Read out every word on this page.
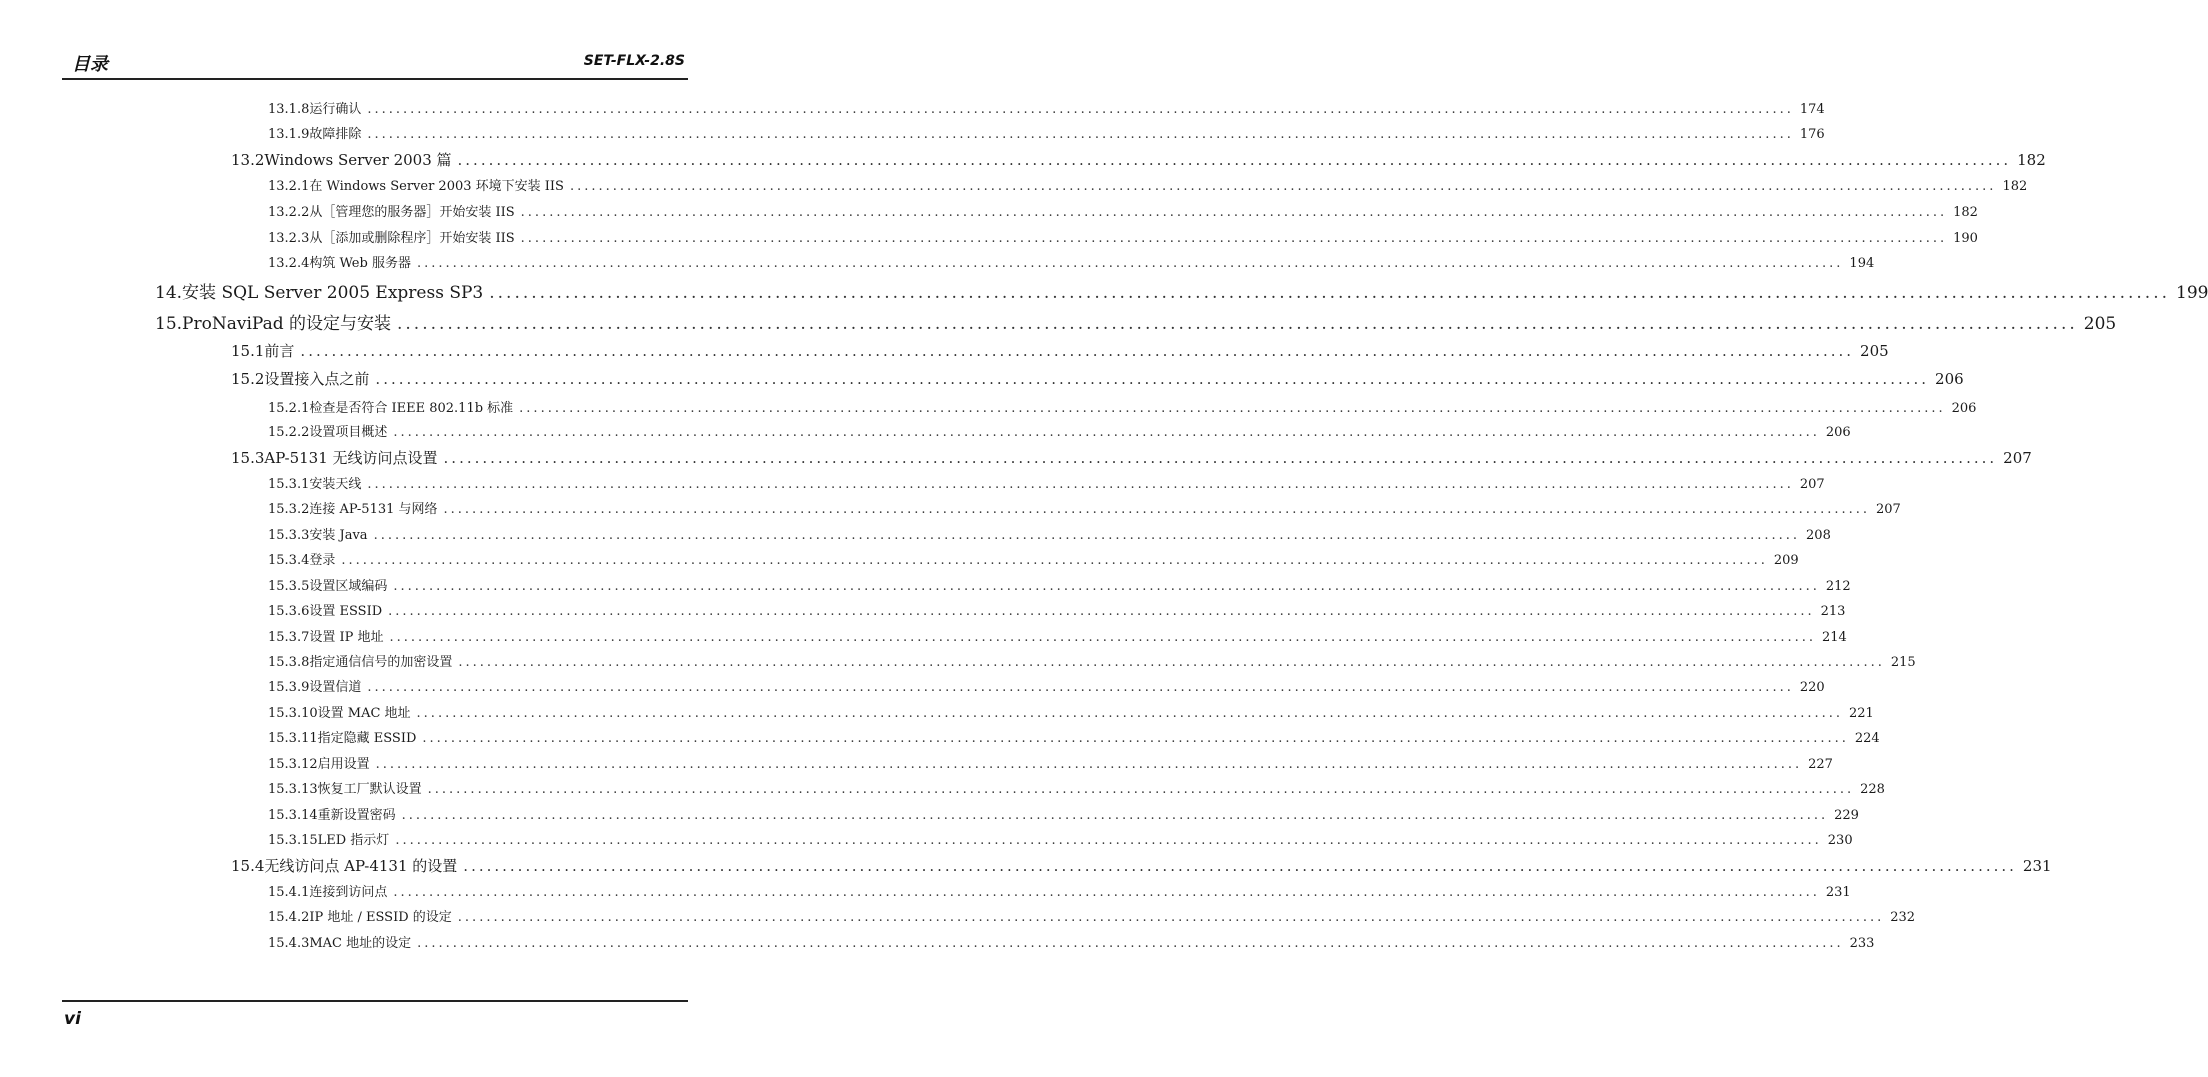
目录	SET-FLX-2.8S
13.1.8 运行确认 ........................................................................................................................................................................................................ 174
13.1.9 故障排除 ........................................................................................................................................................................................................ 176
13.2 Windows Server 2003 篇 ........................................................................................................................................................................................................ 182
13.2.1 在 Windows Server 2003 环境下安装 IIS ........................................................................................................................................................................................................ 182
13.2.2 从［管理您的服务器］开始安装 IIS ........................................................................................................................................................................................................ 182
13.2.3 从［添加或删除程序］开始安装 IIS ........................................................................................................................................................................................................ 190
13.2.4 构筑 Web 服务器 ........................................................................................................................................................................................................ 194
14. 安装 SQL Server 2005 Express SP3 ........................................................................................................................................................................................................ 199
15. ProNaviPad 的设定与安装 ........................................................................................................................................................................................................ 205
15.1 前言 ........................................................................................................................................................................................................ 205
15.2 设置接入点之前 ........................................................................................................................................................................................................ 206
15.2.1 检查是否符合 IEEE 802.11b 标准 ........................................................................................................................................................................................................ 206
15.2.2 设置项目概述 ........................................................................................................................................................................................................ 206
15.3 AP-5131 无线访问点设置 ........................................................................................................................................................................................................ 207
15.3.1 安装天线 ........................................................................................................................................................................................................ 207
15.3.2 连接 AP-5131 与网络 ........................................................................................................................................................................................................ 207
15.3.3 安装 Java ........................................................................................................................................................................................................ 208
15.3.4 登录 ........................................................................................................................................................................................................ 209
15.3.5 设置区域编码 ........................................................................................................................................................................................................ 212
15.3.6 设置 ESSID ........................................................................................................................................................................................................ 213
15.3.7 设置 IP 地址 ........................................................................................................................................................................................................ 214
15.3.8 指定通信信号的加密设置 ........................................................................................................................................................................................................ 215
15.3.9 设置信道 ........................................................................................................................................................................................................ 220
15.3.10 设置 MAC 地址 ........................................................................................................................................................................................................ 221
15.3.11 指定隐藏 ESSID ........................................................................................................................................................................................................ 224
15.3.12 启用设置 ........................................................................................................................................................................................................ 227
15.3.13 恢复工厂默认设置 ........................................................................................................................................................................................................ 228
15.3.14 重新设置密码 ........................................................................................................................................................................................................ 229
15.3.15 LED 指示灯 ........................................................................................................................................................................................................ 230
15.4 无线访问点 AP-4131 的设置 ........................................................................................................................................................................................................ 231
15.4.1 连接到访问点 ........................................................................................................................................................................................................ 231
15.4.2 IP 地址 / ESSID 的设定 ........................................................................................................................................................................................................ 232
15.4.3 MAC 地址的设定 ........................................................................................................................................................................................................ 233
vi
